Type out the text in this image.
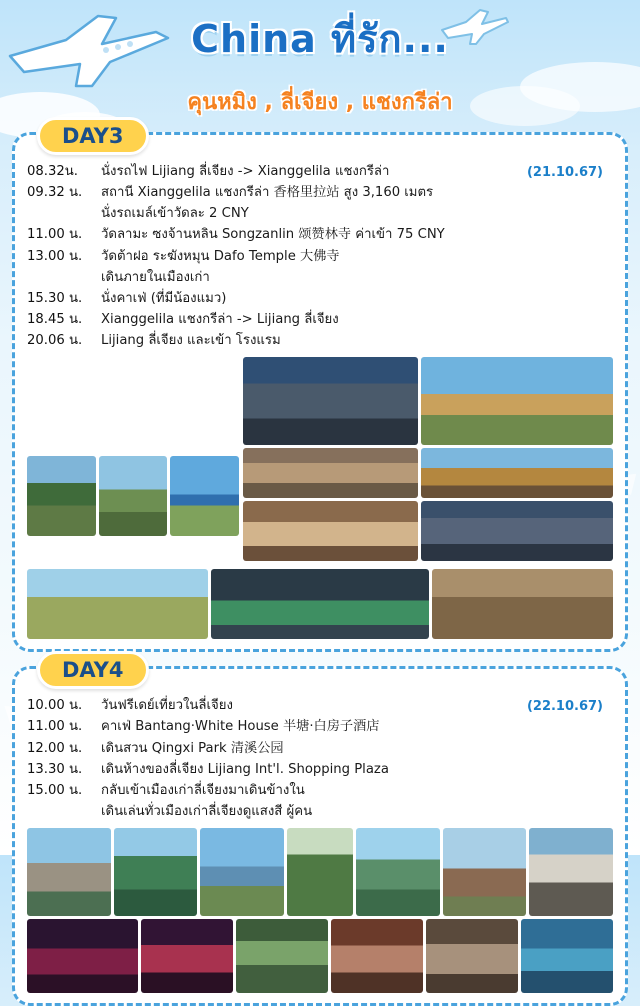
China ที่รัก...
คุนหมิง , ลี่เจียง , แชงกรีล่า
DAY3
(21.10.67)
08.32น.	นั่งรถไฟ Lijiang ลี่เจียง -> Xianggelila แชงกรีล่า
09.32 น.	สถานี Xianggelila แชงกรีล่า 香格里拉站 สูง 3,160 เมตร
นั่งรถเมล์เข้าวัดละ 2 CNY
11.00 น.	วัดลามะ ซงจ้านหลิน Songzanlin 颂赞林寺 ค่าเข้า 75 CNY
13.00 น.	วัดต้าฝอ ระฆังหมุน Dafo Temple 大佛寺
เดินภายในเมืองเก่า
15.30 น.	นั่งคาเฟ่ (ที่มีน้องแมว)
18.45 น.	Xianggelila แชงกรีล่า -> Lijiang ลี่เจียง
20.06 น.	Lijiang ลี่เจียง และเข้า โรงแรม
DAY4
(22.10.67)
10.00 น.	วันฟรีเดย์เที่ยวในลี่เจียง
11.00 น.	คาเฟ่ Bantang·White House 半塘·白房子酒店
12.00 น.	เดินสวน Qingxi Park 清溪公园
13.30 น.	เดินห้างของลี่เจียง Lijiang Int'l. Shopping Plaza
15.00 น.	กลับเข้าเมืองเก่าลี่เจียงมาเดินข้างใน
เดินเล่นทั่วเมืองเก่าลี่เจียงดูแสงสี ผู้คน
